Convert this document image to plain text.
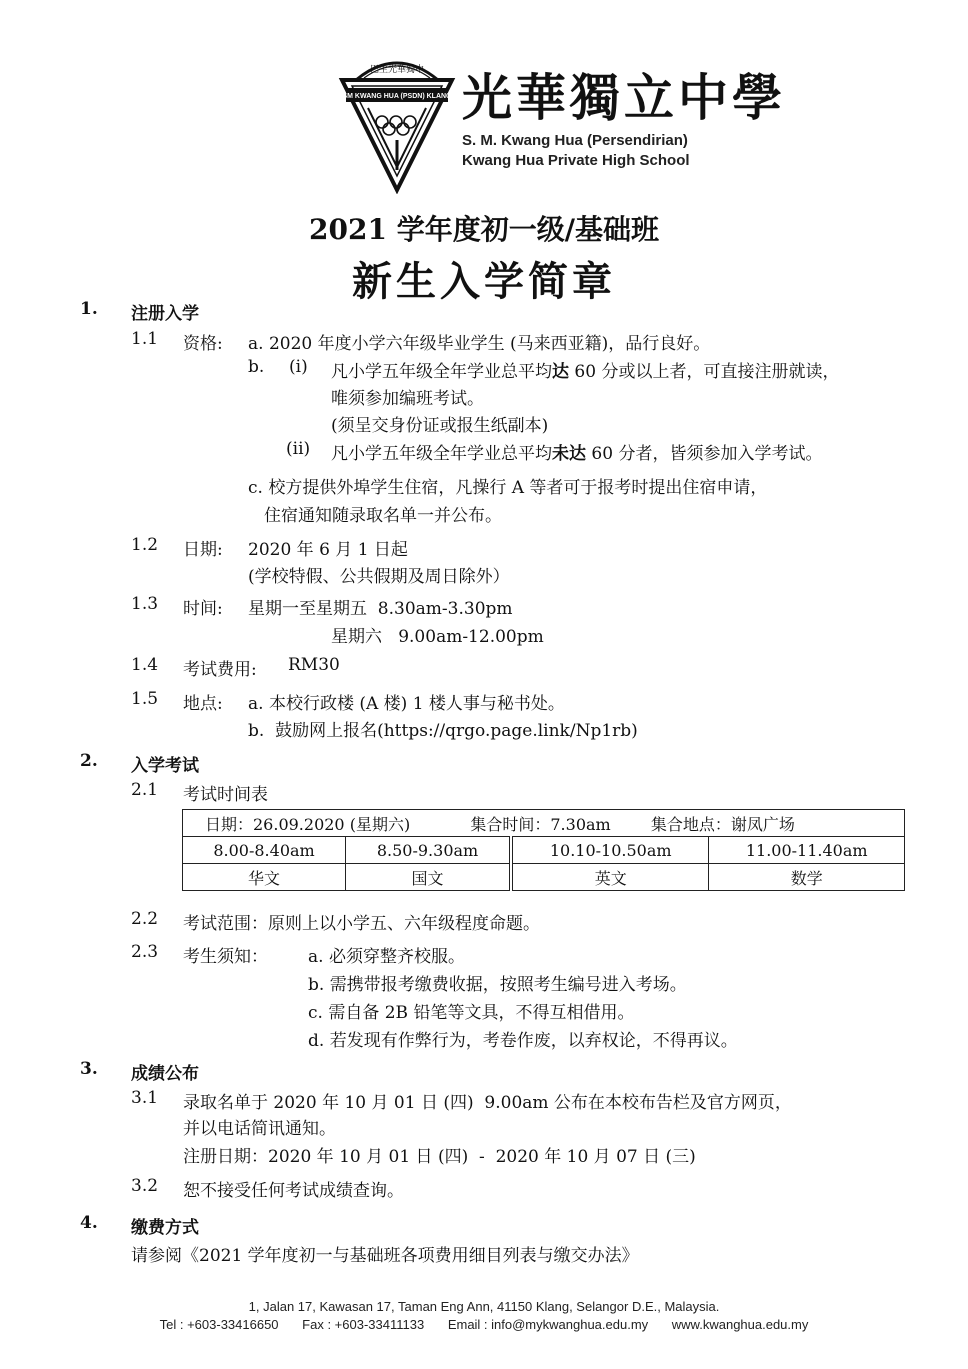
巴生光華獨中
SM KWANG HUA (PSDN) KLANG 光華獨立中學
S. M. Kwang Hua (Persendirian)
Kwang Hua Private High School
2021 学年度初一级/基础班
新生入学简章
1. 注册入学
1.1 资格: a. 2020 年度小学六年级毕业学生 (马来西亚籍)，品行良好。
b. (i) 凡小学五年级全年学业总平均达 60 分或以上者，可直接注册就读，
唯须参加编班考试。
(须呈交身份证或报生纸副本)
(ii) 凡小学五年级全年学业总平均未达 60 分者，皆须参加入学考试。
c. 校方提供外埠学生住宿，凡操行 A 等者可于报考时提出住宿申请，
住宿通知随录取名单一并公布。
1.2 日期: 2020 年 6 月 1 日起
(学校特假、公共假期及周日除外）
1.3 时间: 星期一至星期五  8.30am-3.30pm
星期六   9.00am-12.00pm
1.4 考试费用: RM30
1.5 地点: a. 本校行政楼 (A 楼) 1 楼人事与秘书处。
b.  鼓励网上报名(https://qrgo.page.link/Np1rb)
2. 入学考试
2.1 考试时间表
日期：26.09.2020 (星期六) 集合时间：7.30am 集合地点：谢凤广场			
8.00-8.40am	8.50-9.30am	10.10-10.50am	11.00-11.40am
华文	国文	英文	数学
2.2 考试范围：原则上以小学五、六年级程度命题。
2.3 考生须知： a. 必须穿整齐校服。
b. 需携带报考缴费收据，按照考生编号进入考场。
c. 需自备 2B 铅笔等文具，不得互相借用。
d. 若发现有作弊行为，考卷作废，以弃权论，不得再议。
3. 成绩公布
3.1 录取名单于 2020 年 10 月 01 日 (四)  9.00am 公布在本校布告栏及官方网页，
并以电话简讯通知。
注册日期：2020 年 10 月 01 日 (四)  -  2020 年 10 月 07 日 (三)
3.2 恕不接受任何考试成绩查询。
4. 缴费方式
请参阅《2021 学年度初一与基础班各项费用细目列表与缴交办法》
1, Jalan 17, Kawasan 17, Taman Eng Ann, 41150 Klang, Selangor D.E., Malaysia.
Tel : +603-33416650 Fax : +603-33411133 Email : info@mykwanghua.edu.my www.kwanghua.edu.my
